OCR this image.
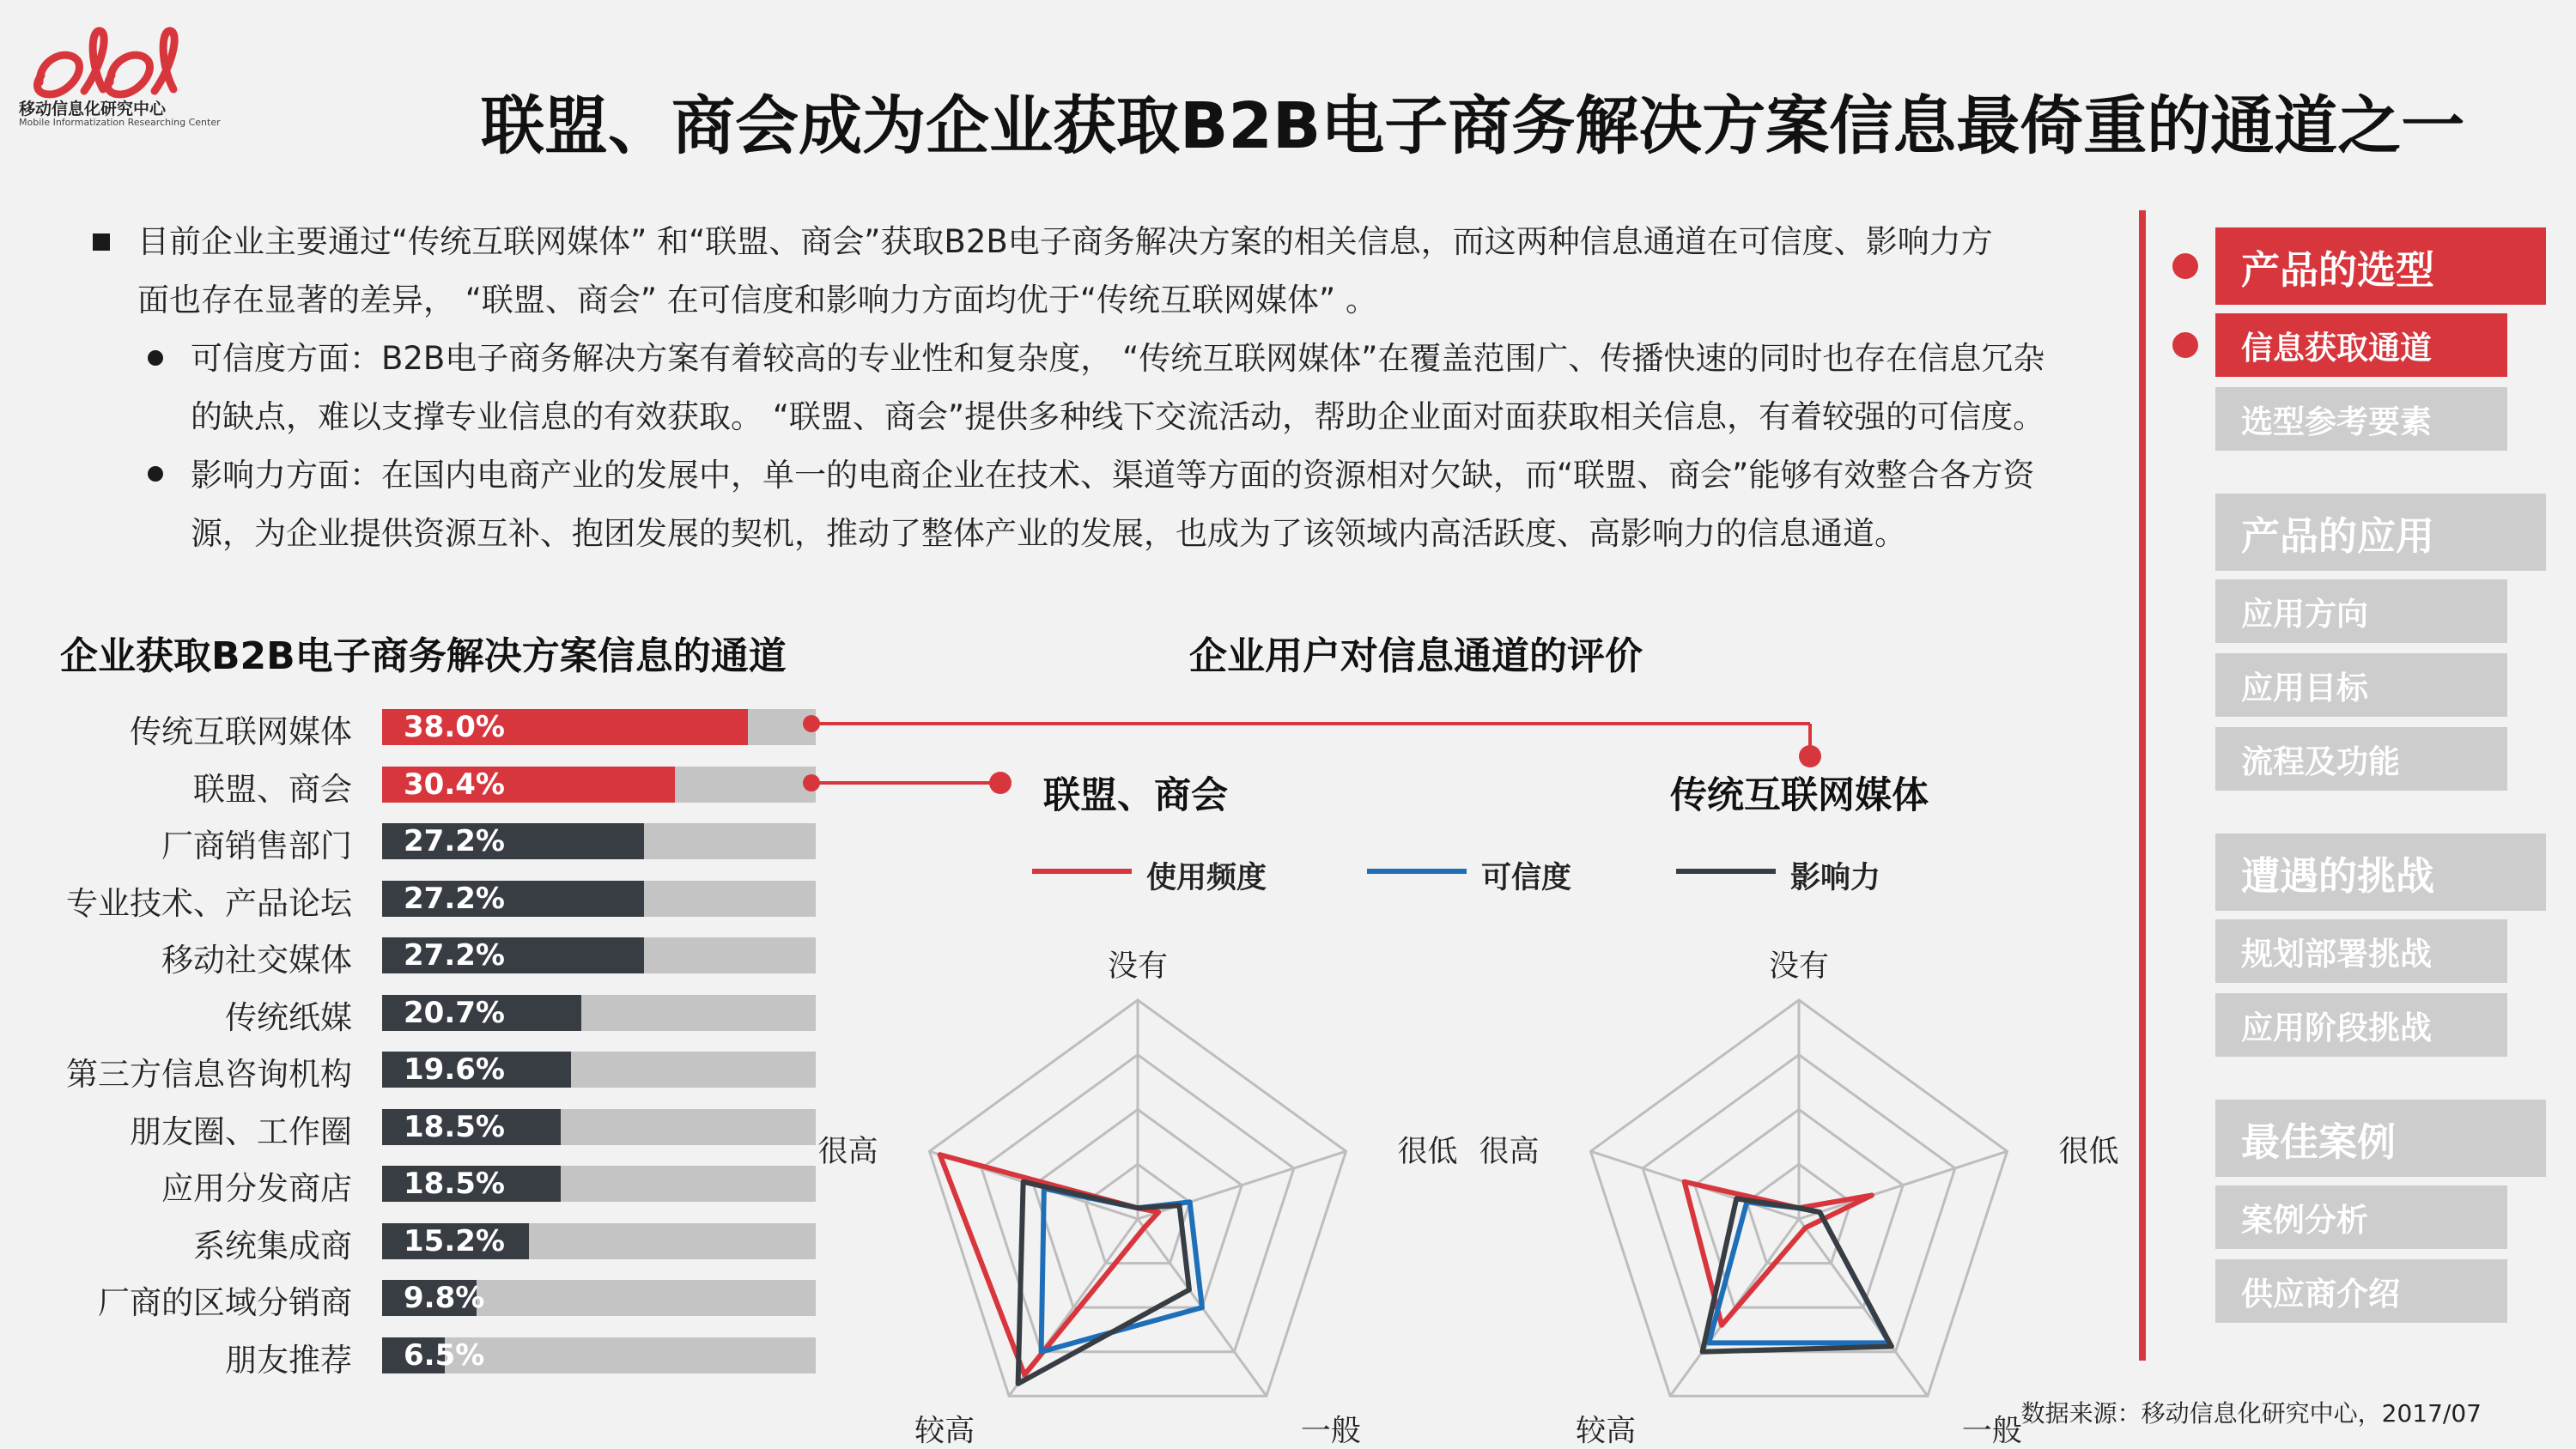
移动信息化研究中心
Mobile Informatization Researching Center	联盟、商会成为企业获取B2B电子商务解决方案信息最倚重的通道之一
目前企业主要通过“传统互联网媒体” 和“联盟、商会”获取B2B电子商务解决方案的相关信息，而这两种信息通道在可信度、影响力方
面也存在显著的差异， “联盟、商会” 在可信度和影响力方面均优于“传统互联网媒体” 。
可信度方面：B2B电子商务解决方案有着较高的专业性和复杂度， “传统互联网媒体”在覆盖范围广、传播快速的同时也存在信息冗杂
的缺点，难以支撑专业信息的有效获取。 “联盟、商会”提供多种线下交流活动，帮助企业面对面获取相关信息，有着较强的可信度。
影响力方面：在国内电商产业的发展中，单一的电商企业在技术、渠道等方面的资源相对欠缺，而“联盟、商会”能够有效整合各方资
源，为企业提供资源互补、抱团发展的契机，推动了整体产业的发展，也成为了该领域内高活跃度、高影响力的信息通道。
企业获取B2B电子商务解决方案信息的通道
传统互联网媒体 38.0%
联盟、商会 30.4%
厂商销售部门 27.2%
专业技术、产品论坛 27.2%
移动社交媒体 27.2%
传统纸媒 20.7%
第三方信息咨询机构 19.6%
朋友圈、工作圈 18.5%
应用分发商店 18.5%
系统集成商 15.2%
厂商的区域分销商 9.8%
朋友推荐 6.5%
企业用户对信息通道的评价
联盟、商会	传统互联网媒体
使用频度	可信度	影响力
没有
很低
一般
较高
很高
没有
很低
一般
较高
很高
产品的选型
信息获取通道
选型参考要素
产品的应用
应用方向
应用目标
流程及功能
遭遇的挑战
规划部署挑战
应用阶段挑战
最佳案例
案例分析
供应商介绍
数据来源：移动信息化研究中心，2017/07
